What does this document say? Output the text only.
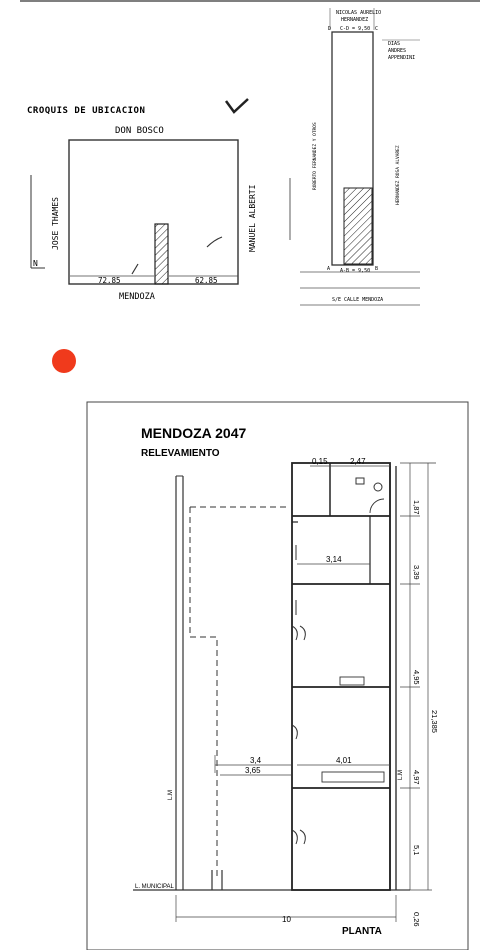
CROQUIS DE UBICACION
DON BOSCO
JOSE THAMES	MANUEL ALBERTI
N
72.85	62.85
MENDOZA
NICOLAS AURELIO
HERNANDEZ
C-D = 9,50
DIAS
ANDRES
APPENDINI
D	C
A	B
ROBERTO FERNANDEZ Y OTROS	HERNANDEZ ROSA ALVAREZ
A-B = 9,50
S/E CALLE MENDOZA
MENDOZA 2047
RELEVAMIENTO
L. MUNICIPAL
L.M
L.M
0,15	2,47
3,14
3,4
3,65
4,01
1,87
3,39
4,95
4,97
5,1
21,385
0,26
10
PLANTA
